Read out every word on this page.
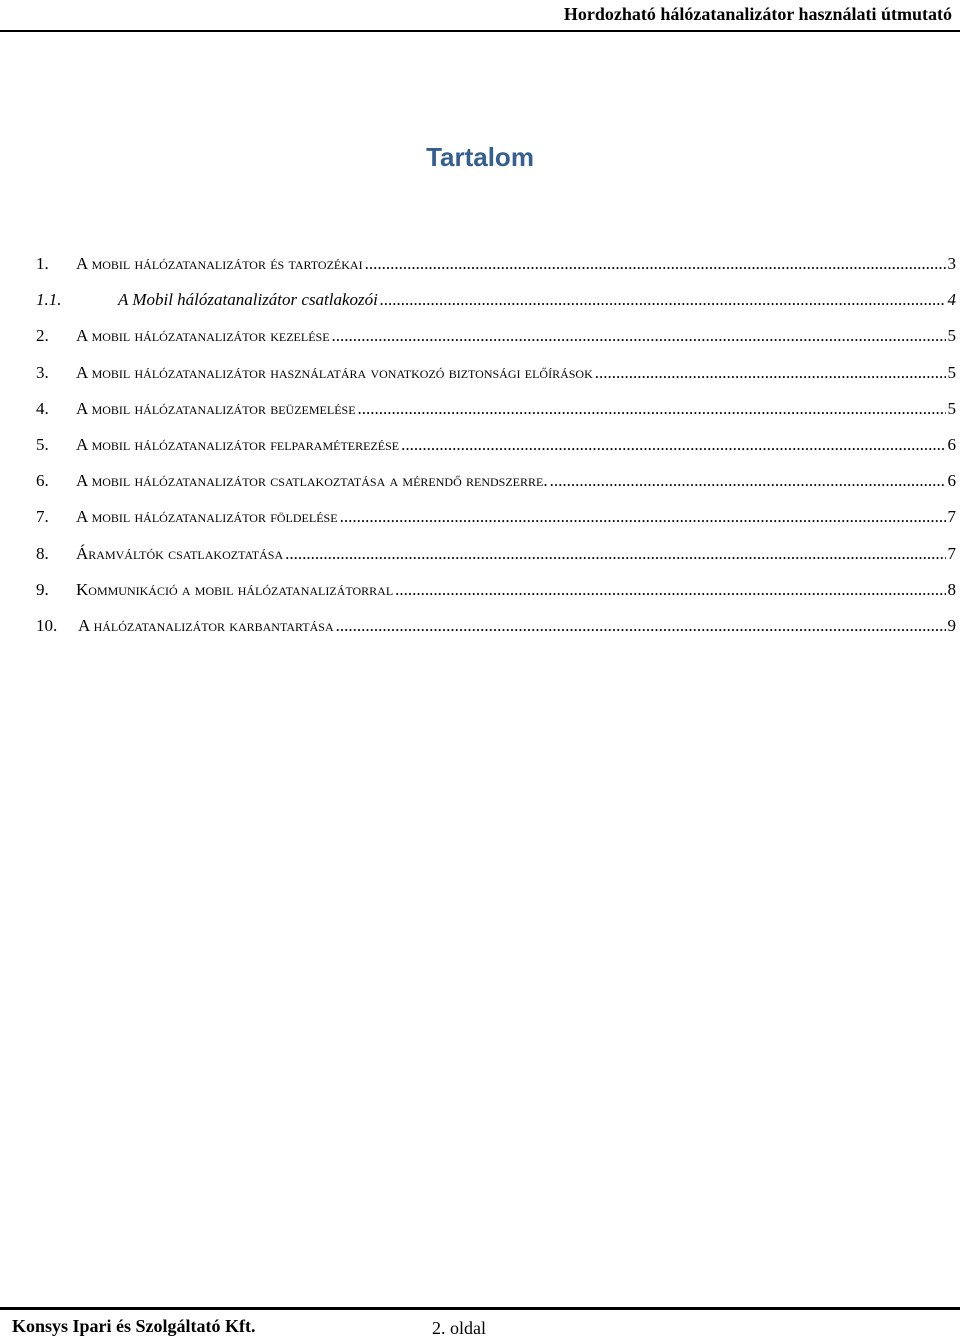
Hordozható hálózatanalizátor használati útmutató
Tartalom
1.	A mobil hálózatanalizátor és tartozékai .....	3
1.1.	A Mobil hálózatanalizátor csatlakozói .....	4
2.	A mobil hálózatanalizátor kezelése .....	5
3.	A mobil hálózatanalizátor használatára vonatkozó biztonsági előírások .....	5
4.	A mobil hálózatanalizátor beüzemelése .....	5
5.	A mobil hálózatanalizátor felparaméterezése .....	6
6.	A mobil hálózatanalizátor csatlakoztatása a mérendő rendszerre. .....	6
7.	A mobil hálózatanalizátor földelése .....	7
8.	Áramváltók csatlakoztatása .....	7
9.	Kommunikáció a mobil hálózatanalizátorral .....	8
10.	A hálózatanalizátor karbantartása .....	9
Konsys Ipari és Szolgáltató Kft.	2. oldal
